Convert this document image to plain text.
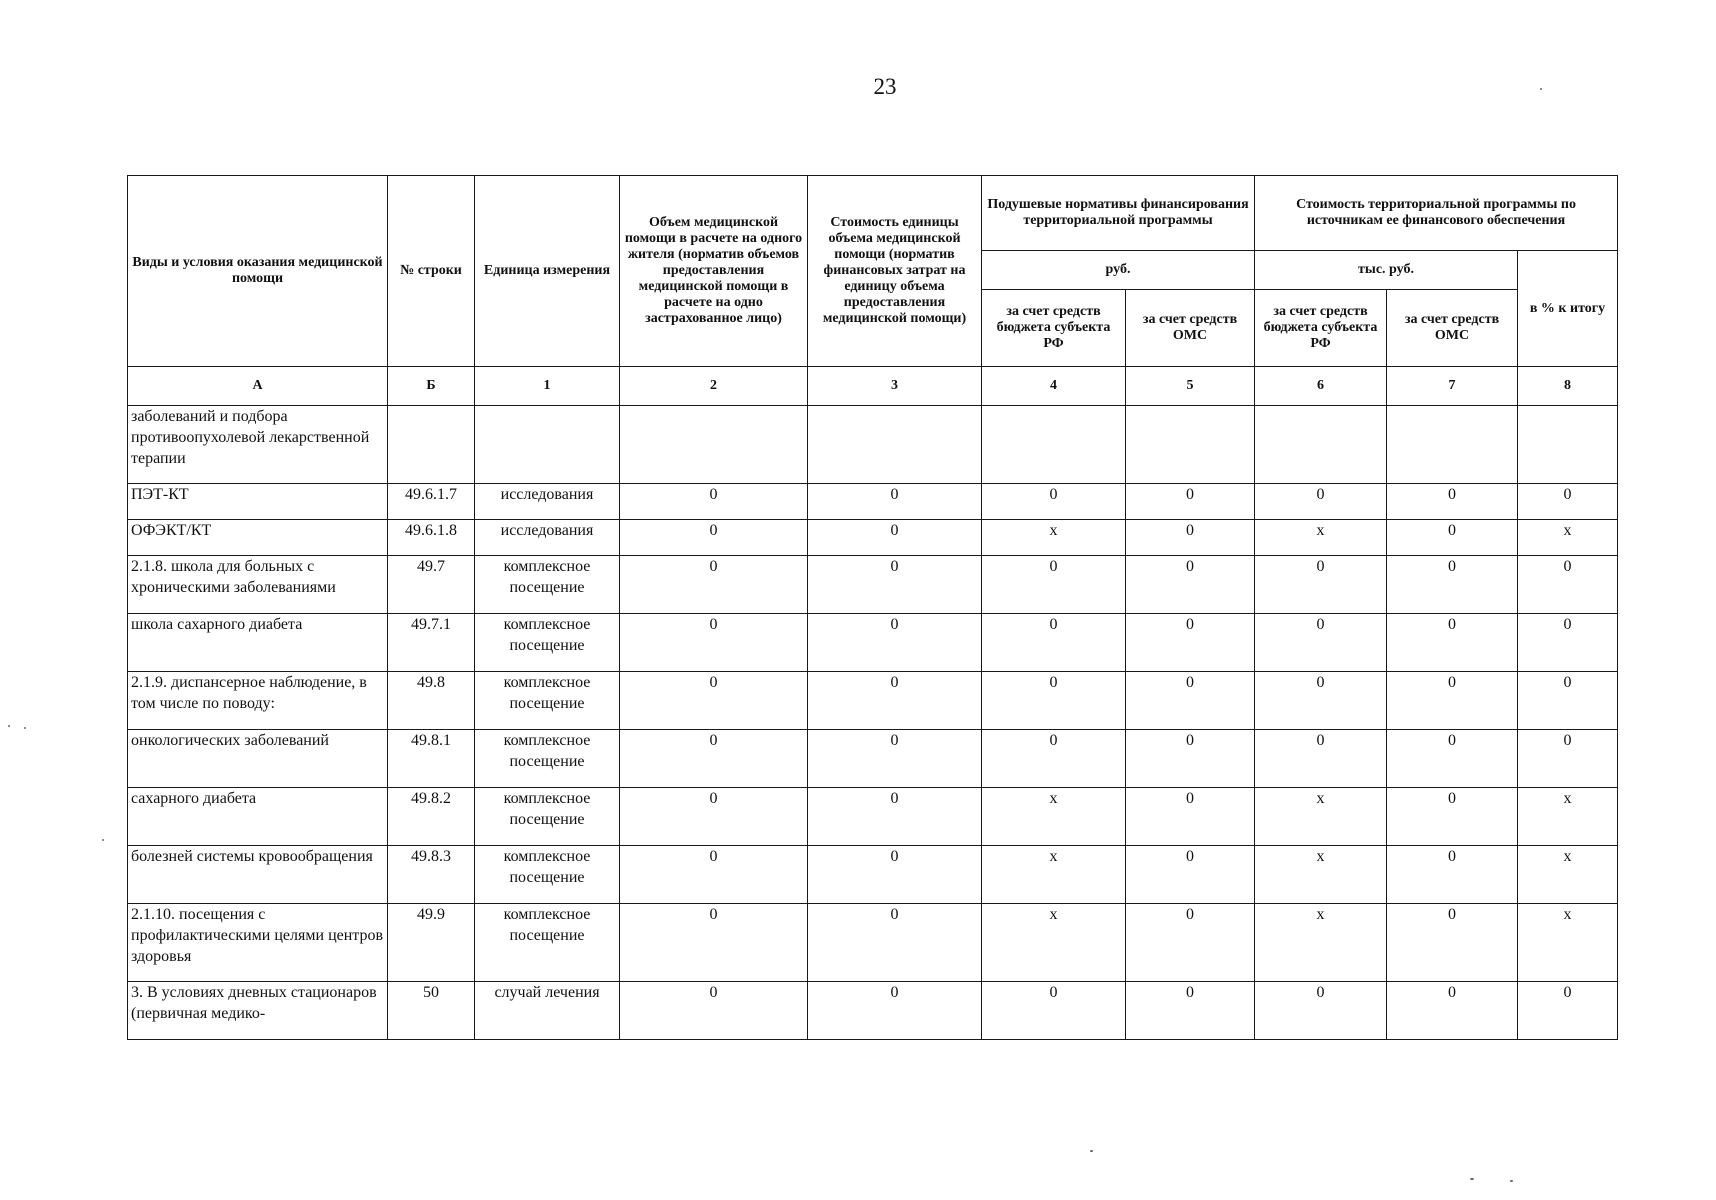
23
Виды и условия оказания медицинской помощи	№ строки	Единица измерения	Объем медицинской помощи в расчете на одного жителя (норматив объемов предоставления медицинской помощи в расчете на одно застрахованное лицо)	Стоимость единицы объема медицинской помощи (норматив финансовых затрат на единицу объема предоставления медицинской помощи)	Подушевые нормативы финансирования территориальной программы		Стоимость территориальной программы по источникам ее финансового обеспечения		
					руб.		тыс. руб.		в % к итогу
					за счет средств бюджета субъекта РФ	за счет средств ОМС	за счет средств бюджета субъекта РФ	за счет средств ОМС	
А	Б	1	2	3	4	5	6	7	8
заболеваний и подбора противоопухолевой лекарственной терапии									
ПЭТ-КТ	49.6.1.7	исследования	0	0	0	0	0	0	0
ОФЭКТ/КТ	49.6.1.8	исследования	0	0	x	0	x	0	x
2.1.8. школа для больных с хроническими заболеваниями	49.7	комплексное посещение	0	0	0	0	0	0	0
школа сахарного диабета	49.7.1	комплексное посещение	0	0	0	0	0	0	0
2.1.9. диспансерное наблюдение, в том числе по поводу:	49.8	комплексное посещение	0	0	0	0	0	0	0
онкологических заболеваний	49.8.1	комплексное посещение	0	0	0	0	0	0	0
сахарного диабета	49.8.2	комплексное посещение	0	0	x	0	x	0	x
болезней системы кровообращения	49.8.3	комплексное посещение	0	0	x	0	x	0	x
2.1.10. посещения с профилактическими целями центров здоровья	49.9	комплексное посещение	0	0	x	0	x	0	x
3. В условиях дневных стационаров (первичная медико-	50	случай лечения	0	0	0	0	0	0	0
